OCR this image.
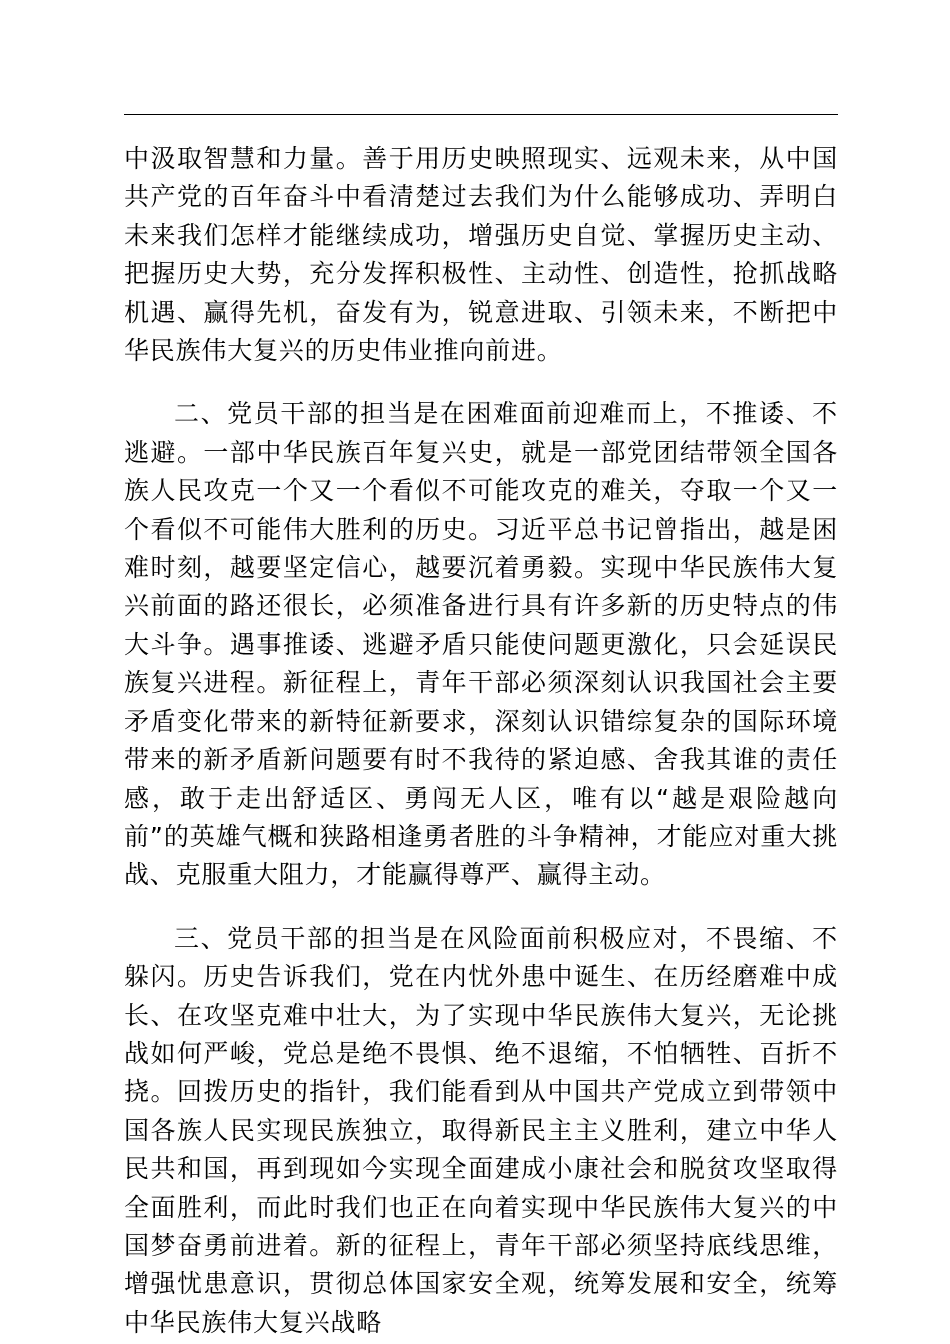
中汲取智慧和力量。善于用历史映照现实、远观未来，从中国共产党的百年奋斗中看清楚过去我们为什么能够成功、弄明白未来我们怎样才能继续成功，增强历史自觉、掌握历史主动、把握历史大势，充分发挥积极性、主动性、创造性，抢抓战略机遇、赢得先机，奋发有为，锐意进取、引领未来，不断把中华民族伟大复兴的历史伟业推向前进。

二、党员干部的担当是在困难面前迎难而上，不推诿、不逃避。一部中华民族百年复兴史，就是一部党团结带领全国各族人民攻克一个又一个看似不可能攻克的难关，夺取一个又一个看似不可能伟大胜利的历史。习近平总书记曾指出，越是困难时刻，越要坚定信心，越要沉着勇毅。实现中华民族伟大复兴前面的路还很长，必须准备进行具有许多新的历史特点的伟大斗争。遇事推诿、逃避矛盾只能使问题更激化，只会延误民族复兴进程。新征程上，青年干部必须深刻认识我国社会主要矛盾变化带来的新特征新要求，深刻认识错综复杂的国际环境带来的新矛盾新问题要有时不我待的紧迫感、舍我其谁的责任感，敢于走出舒适区、勇闯无人区，唯有以“越是艰险越向前”的英雄气概和狭路相逢勇者胜的斗争精神，才能应对重大挑战、克服重大阻力，才能赢得尊严、赢得主动。

三、党员干部的担当是在风险面前积极应对，不畏缩、不躲闪。历史告诉我们，党在内忧外患中诞生、在历经磨难中成长、在攻坚克难中壮大，为了实现中华民族伟大复兴，无论挑战如何严峻，党总是绝不畏惧、绝不退缩，不怕牺牲、百折不挠。回拨历史的指针，我们能看到从中国共产党成立到带领中国各族人民实现民族独立，取得新民主主义胜利，建立中华人民共和国，再到现如今实现全面建成小康社会和脱贫攻坚取得全面胜利，而此时我们也正在向着实现中华民族伟大复兴的中国梦奋勇前进着。新的征程上，青年干部必须坚持底线思维，增强忧患意识，贯彻总体国家安全观，统筹发展和安全，统筹中华民族伟大复兴战略
